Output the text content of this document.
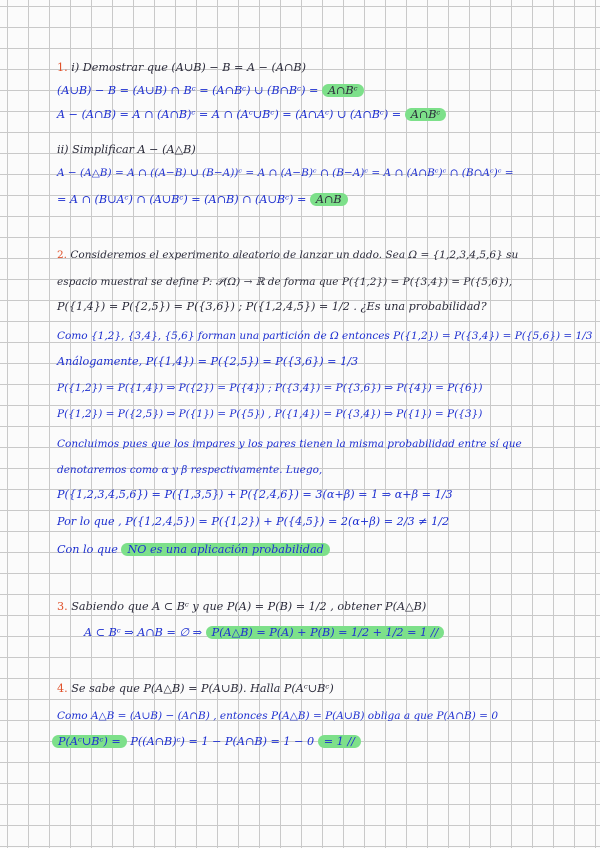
1. i) Demostrar que (A∪B) − B = A − (A∩B)
(A∪B) − B = (A∪B) ∩ Bᶜ = (A∩Bᶜ) ∪ (B∩Bᶜ) = A∩Bᶜ
A − (A∩B) = A ∩ (A∩B)ᶜ = A ∩ (Aᶜ∪Bᶜ) = (A∩Aᶜ) ∪ (A∩Bᶜ) = A∩Bᶜ
ii) Simplificar A − (A△B)
A − (A△B) = A ∩ ((A−B) ∪ (B−A))ᶜ = A ∩ (A−B)ᶜ ∩ (B−A)ᶜ = A ∩ (A∩Bᶜ)ᶜ ∩ (B∩Aᶜ)ᶜ =
= A ∩ (B∪Aᶜ) ∩ (A∪Bᶜ) = (A∩B) ∩ (A∪Bᶜ) = A∩B
2. Consideremos el experimento aleatorio de lanzar un dado. Sea Ω = {1,2,3,4,5,6} su
espacio muestral se define P: 𝒫(Ω) → ℝ de forma que P({1,2}) = P({3,4}) = P({5,6}),
P({1,4}) = P({2,5}) = P({3,6}) ; P({1,2,4,5}) = 1/2 . ¿Es una probabilidad?
Como {1,2}, {3,4}, {5,6} forman una partición de Ω entonces P({1,2}) = P({3,4}) = P({5,6}) = 1/3
Análogamente, P({1,4}) = P({2,5}) = P({3,6}) = 1/3
P({1,2}) = P({1,4}) ⇒ P({2}) = P({4}) ; P({3,4}) = P({3,6}) ⇒ P({4}) = P({6})
P({1,2}) = P({2,5}) ⇒ P({1}) = P({5}) , P({1,4}) = P({3,4}) ⇒ P({1}) = P({3})
Concluimos pues que los impares y los pares tienen la misma probabilidad entre sí que
denotaremos como α y β respectivamente. Luego,
P({1,2,3,4,5,6}) = P({1,3,5}) + P({2,4,6}) = 3(α+β) = 1 ⇒ α+β = 1/3
Por lo que , P({1,2,4,5}) = P({1,2}) + P({4,5}) = 2(α+β) = 2/3 ≠ 1/2
Con lo que NO es una aplicación probabilidad
3. Sabiendo que A ⊂ Bᶜ y que P(A) = P(B) = 1/2 , obtener P(A△B)
A ⊂ Bᶜ ⇒ A∩B = ∅ ⇒ P(A△B) = P(A) + P(B) = 1/2 + 1/2 = 1 //
4. Se sabe que P(A△B) = P(A∪B). Halla P(Aᶜ∪Bᶜ)
Como A△B = (A∪B) − (A∩B) , entonces P(A△B) = P(A∪B) obliga a que P(A∩B) = 0
P(Aᶜ∪Bᶜ) = P((A∩B)ᶜ) = 1 − P(A∩B) = 1 − 0 = 1 //
